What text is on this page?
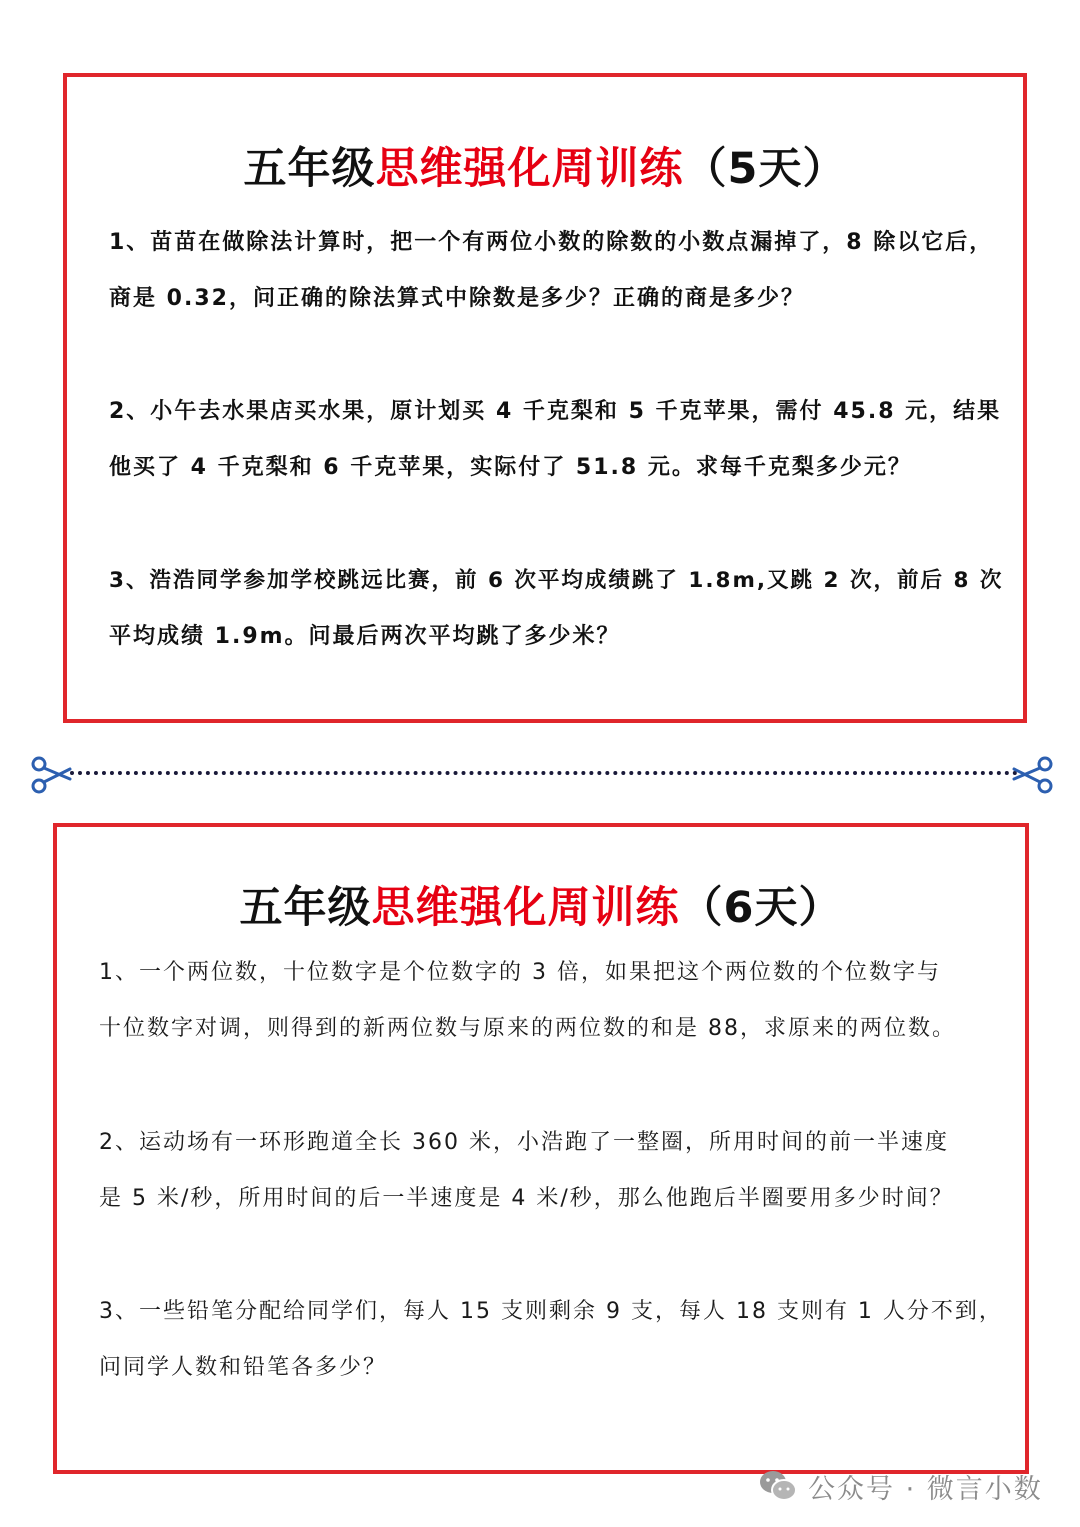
五年级思维强化周训练（5天）
1、苗苗在做除法计算时，把一个有两位小数的除数的小数点漏掉了，8 除以它后，
商是 0.32，问正确的除法算式中除数是多少？正确的商是多少？
2、小午去水果店买水果，原计划买 4 千克梨和 5 千克苹果，需付 45.8 元，结果
他买了 4 千克梨和 6 千克苹果，实际付了 51.8 元。求每千克梨多少元？
3、浩浩同学参加学校跳远比赛，前 6 次平均成绩跳了 1.8m,又跳 2 次，前后 8 次
平均成绩 1.9m。问最后两次平均跳了多少米？
五年级思维强化周训练（6天）
1、一个两位数，十位数字是个位数字的 3 倍，如果把这个两位数的个位数字与
十位数字对调，则得到的新两位数与原来的两位数的和是 88，求原来的两位数。
2、运动场有一环形跑道全长 360 米，小浩跑了一整圈，所用时间的前一半速度
是 5 米/秒，所用时间的后一半速度是 4 米/秒，那么他跑后半圈要用多少时间？
3、一些铅笔分配给同学们，每人 15 支则剩余 9 支，每人 18 支则有 1 人分不到，
问同学人数和铅笔各多少？
公众号 · 微言小数
